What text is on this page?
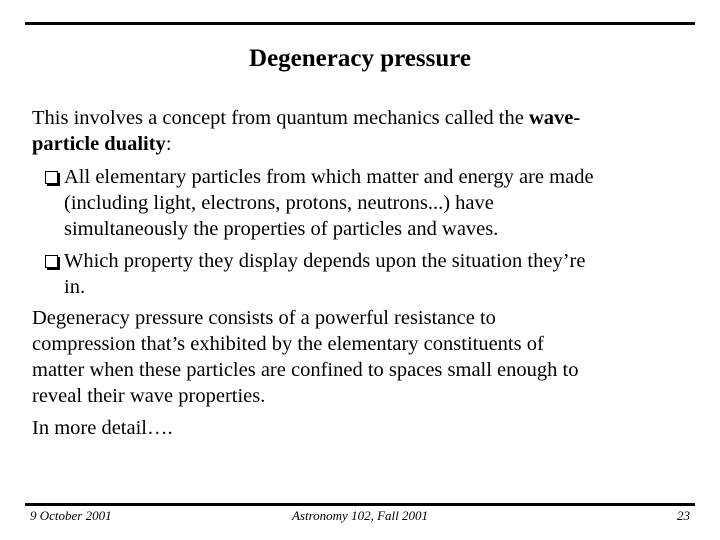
Degeneracy pressure
This involves a concept from quantum mechanics called the wave-
particle duality:
All elementary particles from which matter and energy are made
(including light, electrons, protons, neutrons...) have
simultaneously the properties of particles and waves.
Which property they display depends upon the situation they’re
in.
Degeneracy pressure consists of a powerful resistance to
compression that’s exhibited by the elementary constituents of
matter when these particles are confined to spaces small enough to
reveal their wave properties.
In more detail….
9 October 2001	Astronomy 102, Fall 2001	23
